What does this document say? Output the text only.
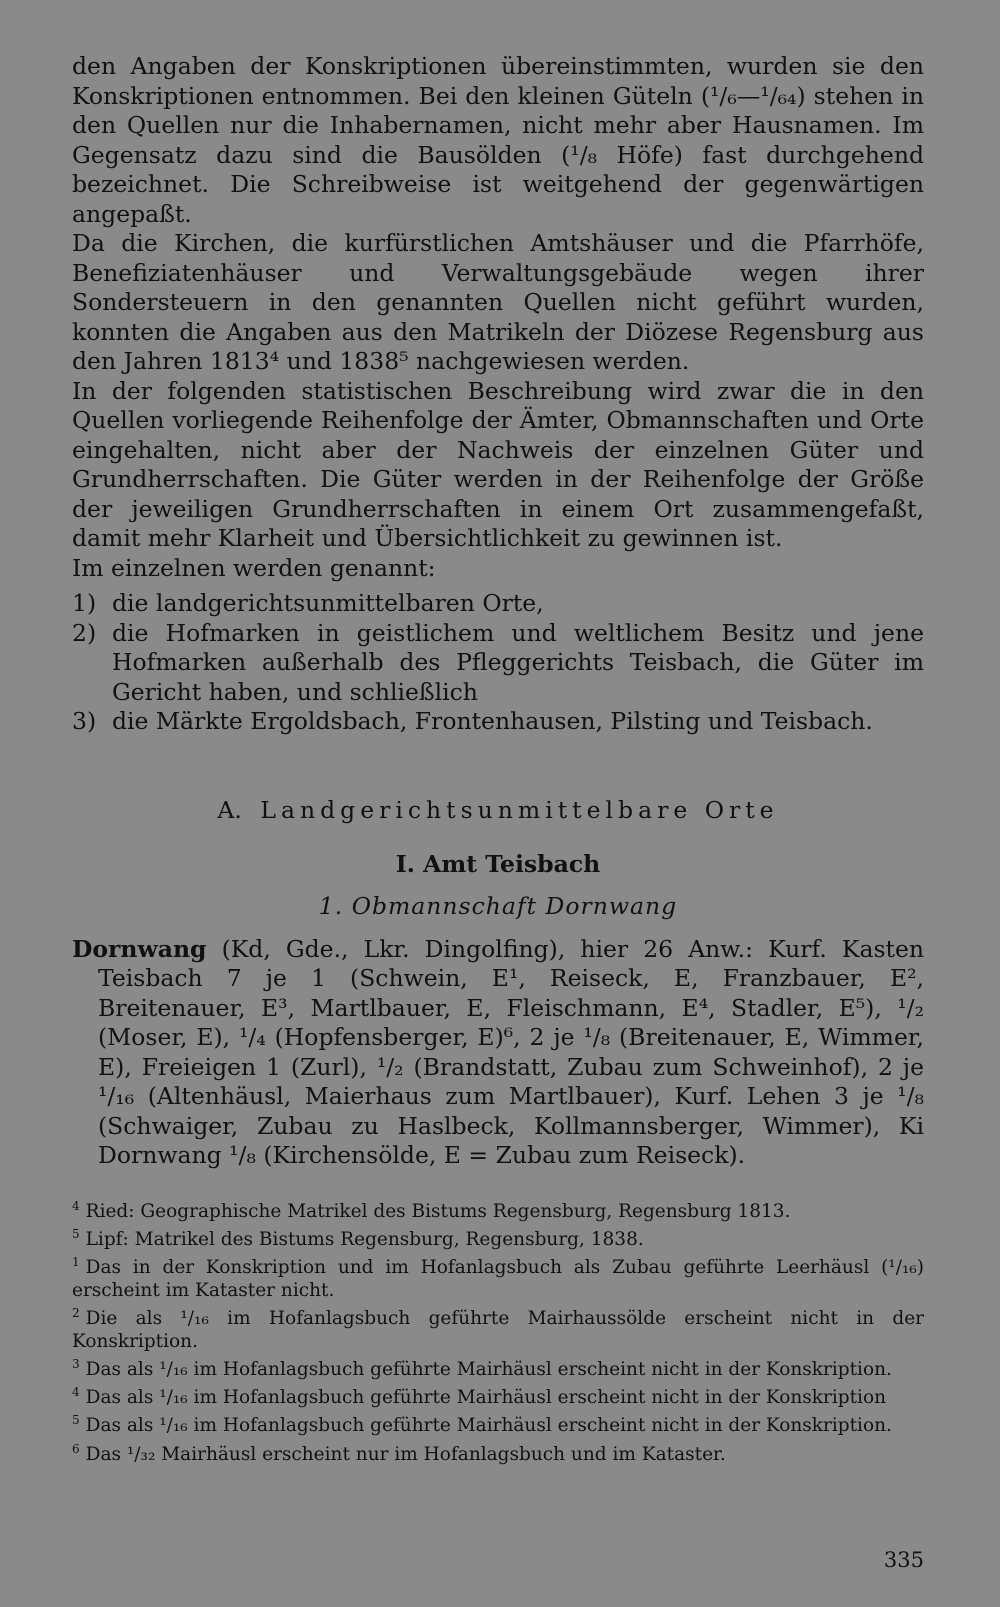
den Angaben der Konskriptionen übereinstimmten, wurden sie den Konskriptionen entnommen. Bei den kleinen Güteln (¹/₆—¹/₆₄) stehen in den Quellen nur die Inhabernamen, nicht mehr aber Hausnamen. Im Gegensatz dazu sind die Bausölden (¹/₈ Höfe) fast durchgehend bezeichnet. Die Schreibweise ist weitgehend der gegenwärtigen angepaßt.

Da die Kirchen, die kurfürstlichen Amtshäuser und die Pfarrhöfe, Benefiziatenhäuser und Verwaltungsgebäude wegen ihrer Sondersteuern in den genannten Quellen nicht geführt wurden, konnten die Angaben aus den Matrikeln der Diözese Regensburg aus den Jahren 1813⁴ und 1838⁵ nachgewiesen werden.

In der folgenden statistischen Beschreibung wird zwar die in den Quellen vorliegende Reihenfolge der Ämter, Obmannschaften und Orte eingehalten, nicht aber der Nachweis der einzelnen Güter und Grundherrschaften. Die Güter werden in der Reihenfolge der Größe der jeweiligen Grundherrschaften in einem Ort zusammengefaßt, damit mehr Klarheit und Übersichtlichkeit zu gewinnen ist.

Im einzelnen werden genannt:

1) die landgerichtsunmittelbaren Orte,
2) die Hofmarken in geistlichem und weltlichem Besitz und jene Hofmarken außerhalb des Pfleggerichts Teisbach, die Güter im Gericht haben, und schließlich
3) die Märkte Ergoldsbach, Frontenhausen, Pilsting und Teisbach.
A. Landgerichtsunmittelbare Orte
I. Amt Teisbach
1. Obmannschaft Dornwang

Dornwang (Kd, Gde., Lkr. Dingolfing), hier 26 Anw.: Kurf. Kasten Teisbach 7 je 1 (Schwein, E¹, Reiseck, E, Franzbauer, E², Breitenauer, E³, Martlbauer, E, Fleischmann, E⁴, Stadler, E⁵), ¹/₂ (Moser, E), ¹/₄ (Hopfensberger, E)⁶, 2 je ¹/₈ (Breitenauer, E, Wimmer, E), Freieigen 1 (Zurl), ¹/₂ (Brandstatt, Zubau zum Schweinhof), 2 je ¹/₁₆ (Altenhäusl, Maierhaus zum Martlbauer), Kurf. Lehen 3 je ¹/₈ (Schwaiger, Zubau zu Haslbeck, Kollmannsberger, Wimmer), Ki Dornwang ¹/₈ (Kirchensölde, E = Zubau zum Reiseck).

$^4$ Ried: Geographische Matrikel des Bistums Regensburg, Regensburg 1813.

$^5$ Lipf: Matrikel des Bistums Regensburg, Regensburg, 1838.

$^1$ Das in der Konskription und im Hofanlagsbuch als Zubau geführte Leerhäusl (¹/₁₆) erscheint im Kataster nicht.

$^2$ Die als ¹/₁₆ im Hofanlagsbuch geführte Mairhaussölde erscheint nicht in der Konskription.

$^3$ Das als ¹/₁₆ im Hofanlagsbuch geführte Mairhäusl erscheint nicht in der Konskription.

$^4$ Das als ¹/₁₆ im Hofanlagsbuch geführte Mairhäusl erscheint nicht in der Konskription

$^5$ Das als ¹/₁₆ im Hofanlagsbuch geführte Mairhäusl erscheint nicht in der Konskription.

$^6$ Das ¹/₃₂ Mairhäusl erscheint nur im Hofanlagsbuch und im Kataster.

335
